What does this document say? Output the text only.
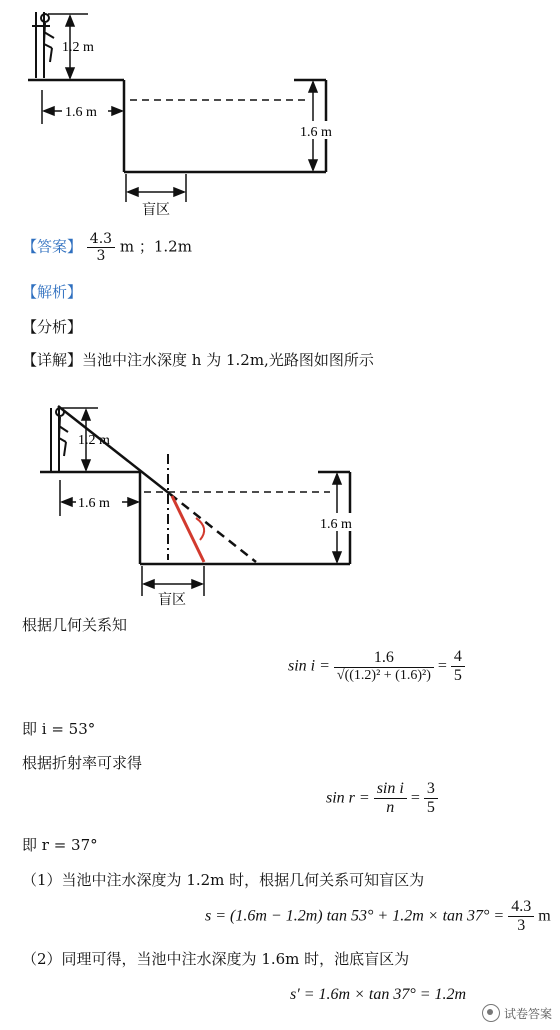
1.2 m
1.6 m
1.6 m
盲区
【答案】 $\frac{4.3}{3}$ m ；1.2m
【解析】
【分析】
【详解】当池中注水深度 h 为 1.2m,光路图如图所示
1.2 m
1.6 m
1.6 m
盲区
根据几何关系知
$\sin i = \frac{1.6}{\text{√((1.2)² + (1.6)²)}} = \frac{4}{5}$
即 i = 53°
根据折射率可求得
$\sin r = \frac{\text{sin i}}{n} = \frac{3}{5}$
即 r = 37°
（1）当池中注水深度为 1.2m 时，根据几何关系可知盲区为
s = (1.6m − 1.2m) $\tan 53^\circ + 1.2m \times \tan 37^\circ = \frac{4.3}{3}$ m
（2）同理可得，当池中注水深度为 1.6m 时，池底盲区为
s′ = 1.6m × tan 37° = 1.2m
试卷答案
